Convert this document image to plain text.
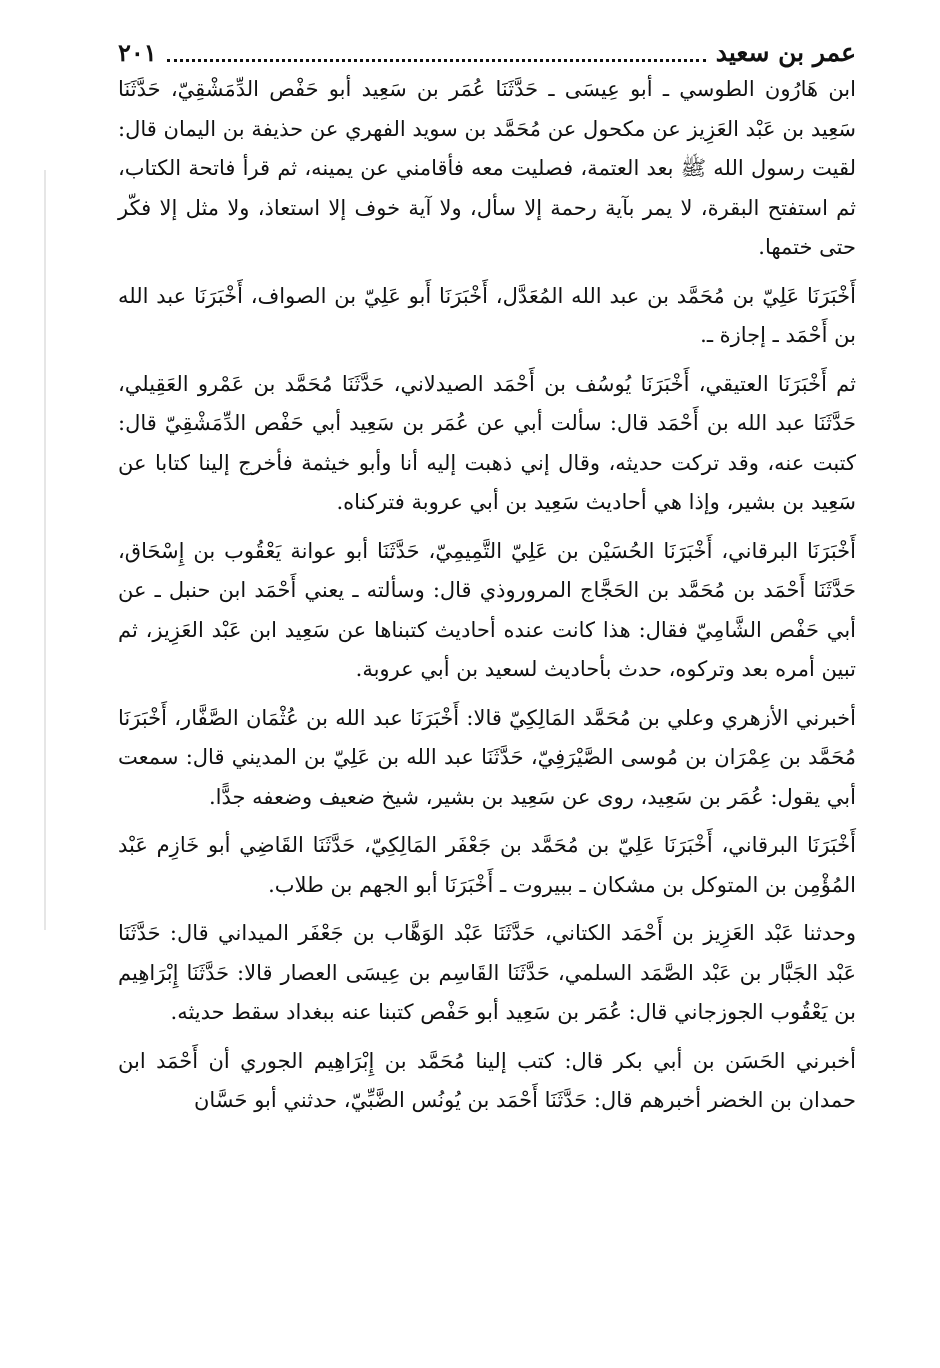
عمر بن سعيد
٢٠١

ابن هَارُون الطوسي ـ أبو عِيسَى ـ حَدَّثَنَا عُمَر بن سَعِيد أبو حَفْص الدِّمَشْقِيّ، حَدَّثَنَا سَعِيد بن عَبْد العَزِيز عن مكحول عن مُحَمَّد بن سويد الفهري عن حذيفة بن اليمان قال: لقيت رسول الله ﷺ بعد العتمة، فصليت معه فأقامني عن يمينه، ثم قرأ فاتحة الكتاب، ثم استفتح البقرة، لا يمر بآية رحمة إلا سأل، ولا آية خوف إلا استعاذ، ولا مثل إلا فكّر حتى ختمها.

أَخْبَرَنَا عَلِيّ بن مُحَمَّد بن عبد الله المُعَدَّل، أَخْبَرَنَا أَبو عَلِيّ بن الصواف، أَخْبَرَنَا عبد الله بن أَحْمَد ـ إجازة ـ.

ثم أَخْبَرَنَا العتيقي، أَخْبَرَنَا يُوسُف بن أَحْمَد الصيدلاني، حَدَّثَنَا مُحَمَّد بن عَمْرو العَقِيلي، حَدَّثَنَا عبد الله بن أَحْمَد قال: سألت أبي عن عُمَر بن سَعِيد أبي حَفْص الدِّمَشْقِيّ قال: كتبت عنه، وقد تركت حديثه، وقال إني ذهبت إليه أنا وأبو خيثمة فأخرج إلينا كتابا عن سَعِيد بن بشير، وإذا هي أحاديث سَعِيد بن أبي عروبة فتركناه.

أَخْبَرَنَا البرقاني، أَخْبَرَنَا الحُسَيْن بن عَلِيّ التَّمِيمِيّ، حَدَّثَنَا أبو عوانة يَعْقُوب بن إِسْحَاق، حَدَّثَنَا أَحْمَد بن مُحَمَّد بن الحَجَّاج المروروذي قال: وسألته ـ يعني أَحْمَد ابن حنبل ـ عن أبي حَفْص الشَّامِيّ فقال: هذا كانت عنده أحاديث كتبناها عن سَعِيد ابن عَبْد العَزِيز، ثم تبين أمره بعد وتركوه، حدث بأحاديث لسعيد بن أبي عروبة.

أخبرني الأزهري وعلي بن مُحَمَّد المَالِكِيّ قالا: أَخْبَرَنَا عبد الله بن عُثْمَان الصَّفَّار، أَخْبَرَنَا مُحَمَّد بن عِمْرَان بن مُوسى الصَّيْرَفِيّ، حَدَّثَنَا عبد الله بن عَلِيّ بن المديني قال: سمعت أبي يقول: عُمَر بن سَعِيد، روى عن سَعِيد بن بشير، شيخ ضعيف وضعفه جدًّا.

أَخْبَرَنَا البرقاني، أَخْبَرَنَا عَلِيّ بن مُحَمَّد بن جَعْفَر المَالِكِيّ، حَدَّثَنَا القَاضِي أبو خَازِم عَبْد المُؤْمِن بن المتوكل بن مشكان ـ ببيروت ـ أَخْبَرَنَا أبو الجهم بن طلاب.

وحدثنا عَبْد العَزِيز بن أَحْمَد الكتاني، حَدَّثَنَا عَبْد الوَهَّاب بن جَعْفَر الميداني قال: حَدَّثَنَا عَبْد الجَبَّار بن عَبْد الصَّمَد السلمي، حَدَّثَنَا القَاسِم بن عِيسَى العصار قالا: حَدَّثَنَا إِبْرَاهِيم بن يَعْقُوب الجوزجاني قال: عُمَر بن سَعِيد أبو حَفْص كتبنا عنه ببغداد سقط حديثه.

أخبرني الحَسَن بن أبي بكر قال: كتب إلينا مُحَمَّد بن إِبْرَاهِيم الجوري أن أَحْمَد ابن حمدان بن الخضر أخبرهم قال: حَدَّثَنَا أَحْمَد بن يُونُس الضَّبِّيّ، حدثني أبو حَسَّان
